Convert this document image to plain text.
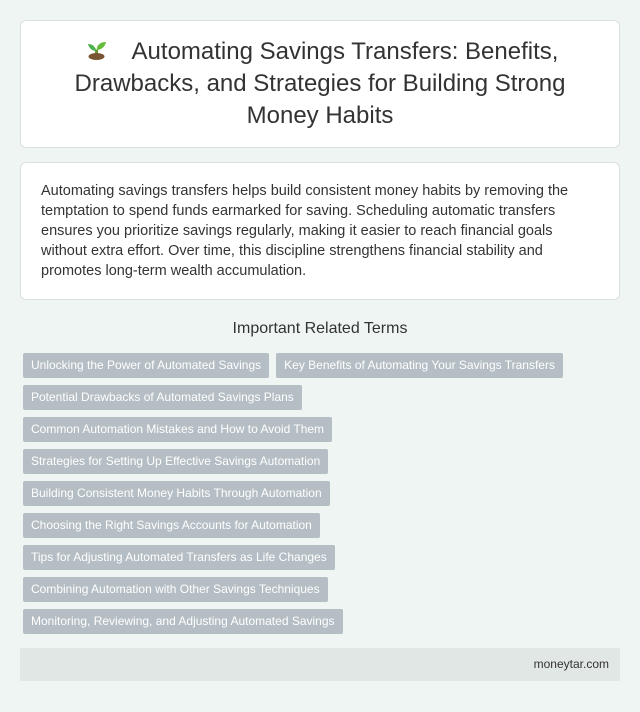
Automating Savings Transfers: Benefits, Drawbacks, and Strategies for Building Strong Money Habits

Automating savings transfers helps build consistent money habits by removing the temptation to spend funds earmarked for saving. Scheduling automatic transfers ensures you prioritize savings regularly, making it easier to reach financial goals without extra effort. Over time, this discipline strengthens financial stability and promotes long-term wealth accumulation.

Important Related Terms
Unlocking the Power of Automated Savings	Key Benefits of Automating Your Savings Transfers
Potential Drawbacks of Automated Savings Plans
Common Automation Mistakes and How to Avoid Them
Strategies for Setting Up Effective Savings Automation
Building Consistent Money Habits Through Automation
Choosing the Right Savings Accounts for Automation
Tips for Adjusting Automated Transfers as Life Changes
Combining Automation with Other Savings Techniques
Monitoring, Reviewing, and Adjusting Automated Savings
moneytar.com
